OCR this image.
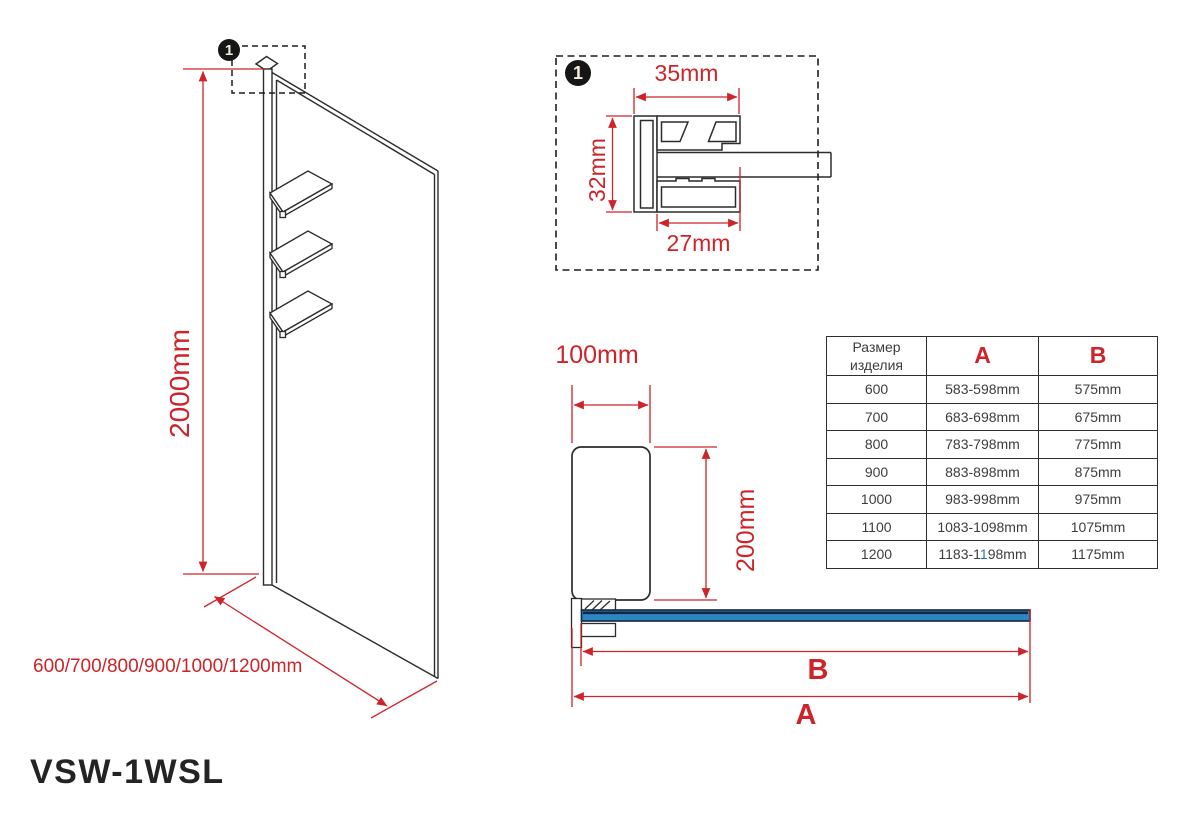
1
1	35mm
32mm
27mm
100mm
200mm
B
A
2000mm
600/700/800/900/1000/1200mm
VSW-1WSL
Размер
изделия	A	B
600	583-598mm	575mm
700	683-698mm	675mm
800	783-798mm	775mm
900	883-898mm	875mm
1000	983-998mm	975mm
1100	1083-1098mm	1075mm
1200	1183-1198mm	1175mm
